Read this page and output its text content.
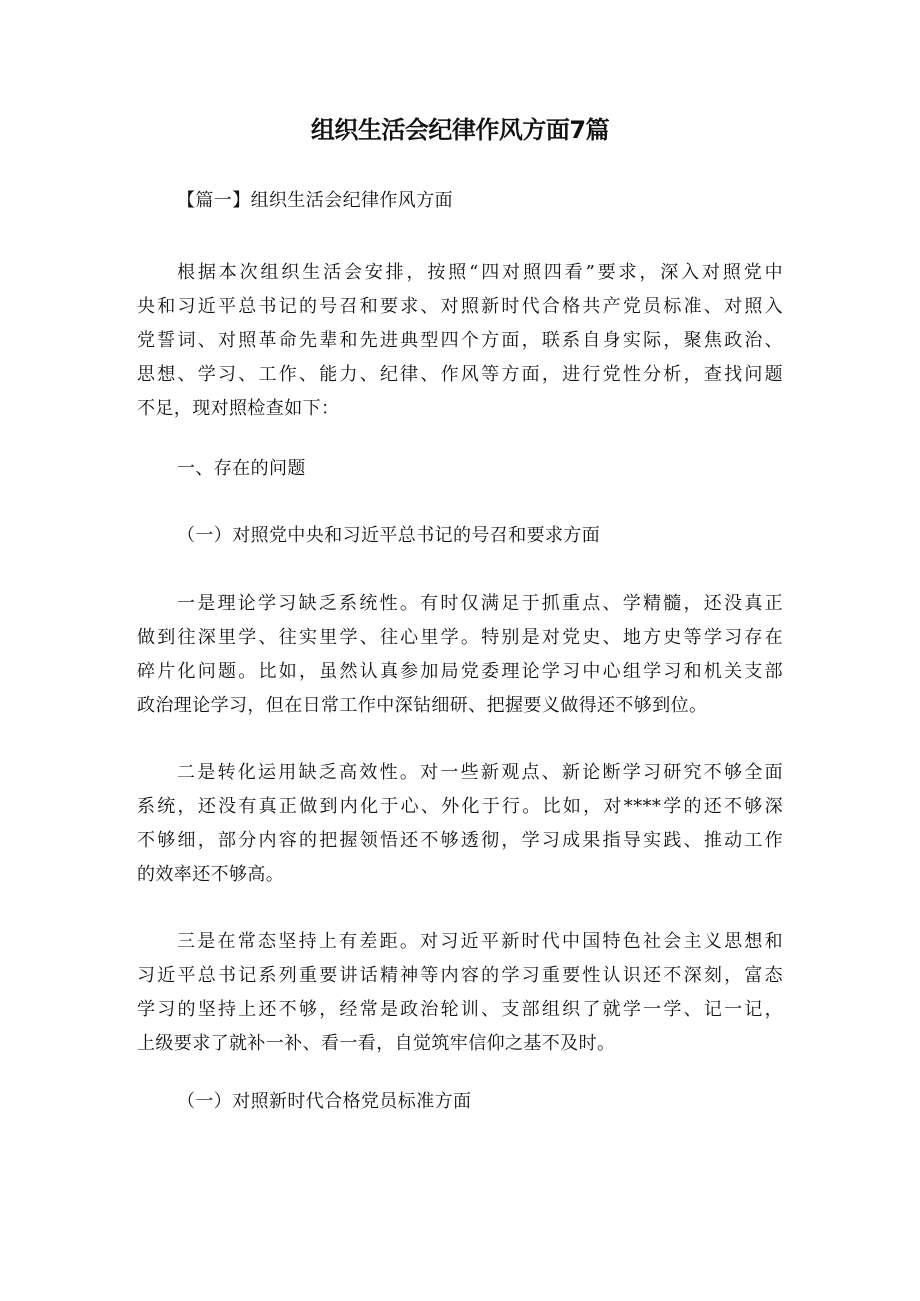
组织生活会纪律作风方面7篇
【篇一】组织生活会纪律作风方面
根据本次组织生活会安排，按照“四对照四看”要求，深入对照党中
央和习近平总书记的号召和要求、对照新时代合格共产党员标准、对照入
党誓词、对照革命先辈和先进典型四个方面，联系自身实际，聚焦政治、
思想、学习、工作、能力、纪律、作风等方面，进行党性分析，查找问题
不足，现对照检查如下：
一、存在的问题
（一）对照党中央和习近平总书记的号召和要求方面
一是理论学习缺乏系统性。有时仅满足于抓重点、学精髓，还没真正
做到往深里学、往实里学、往心里学。特别是对党史、地方史等学习存在
碎片化问题。比如，虽然认真参加局党委理论学习中心组学习和机关支部
政治理论学习，但在日常工作中深钻细研、把握要义做得还不够到位。
二是转化运用缺乏高效性。对一些新观点、新论断学习研究不够全面
系统，还没有真正做到内化于心、外化于行。比如，对****学的还不够深
不够细，部分内容的把握领悟还不够透彻，学习成果指导实践、推动工作
的效率还不够高。
三是在常态坚持上有差距。对习近平新时代中国特色社会主义思想和
习近平总书记系列重要讲话精神等内容的学习重要性认识还不深刻，富态
学习的坚持上还不够，经常是政治轮训、支部组织了就学一学、记一记，
上级要求了就补一补、看一看，自觉筑牢信仰之基不及时。
（一）对照新时代合格党员标准方面
